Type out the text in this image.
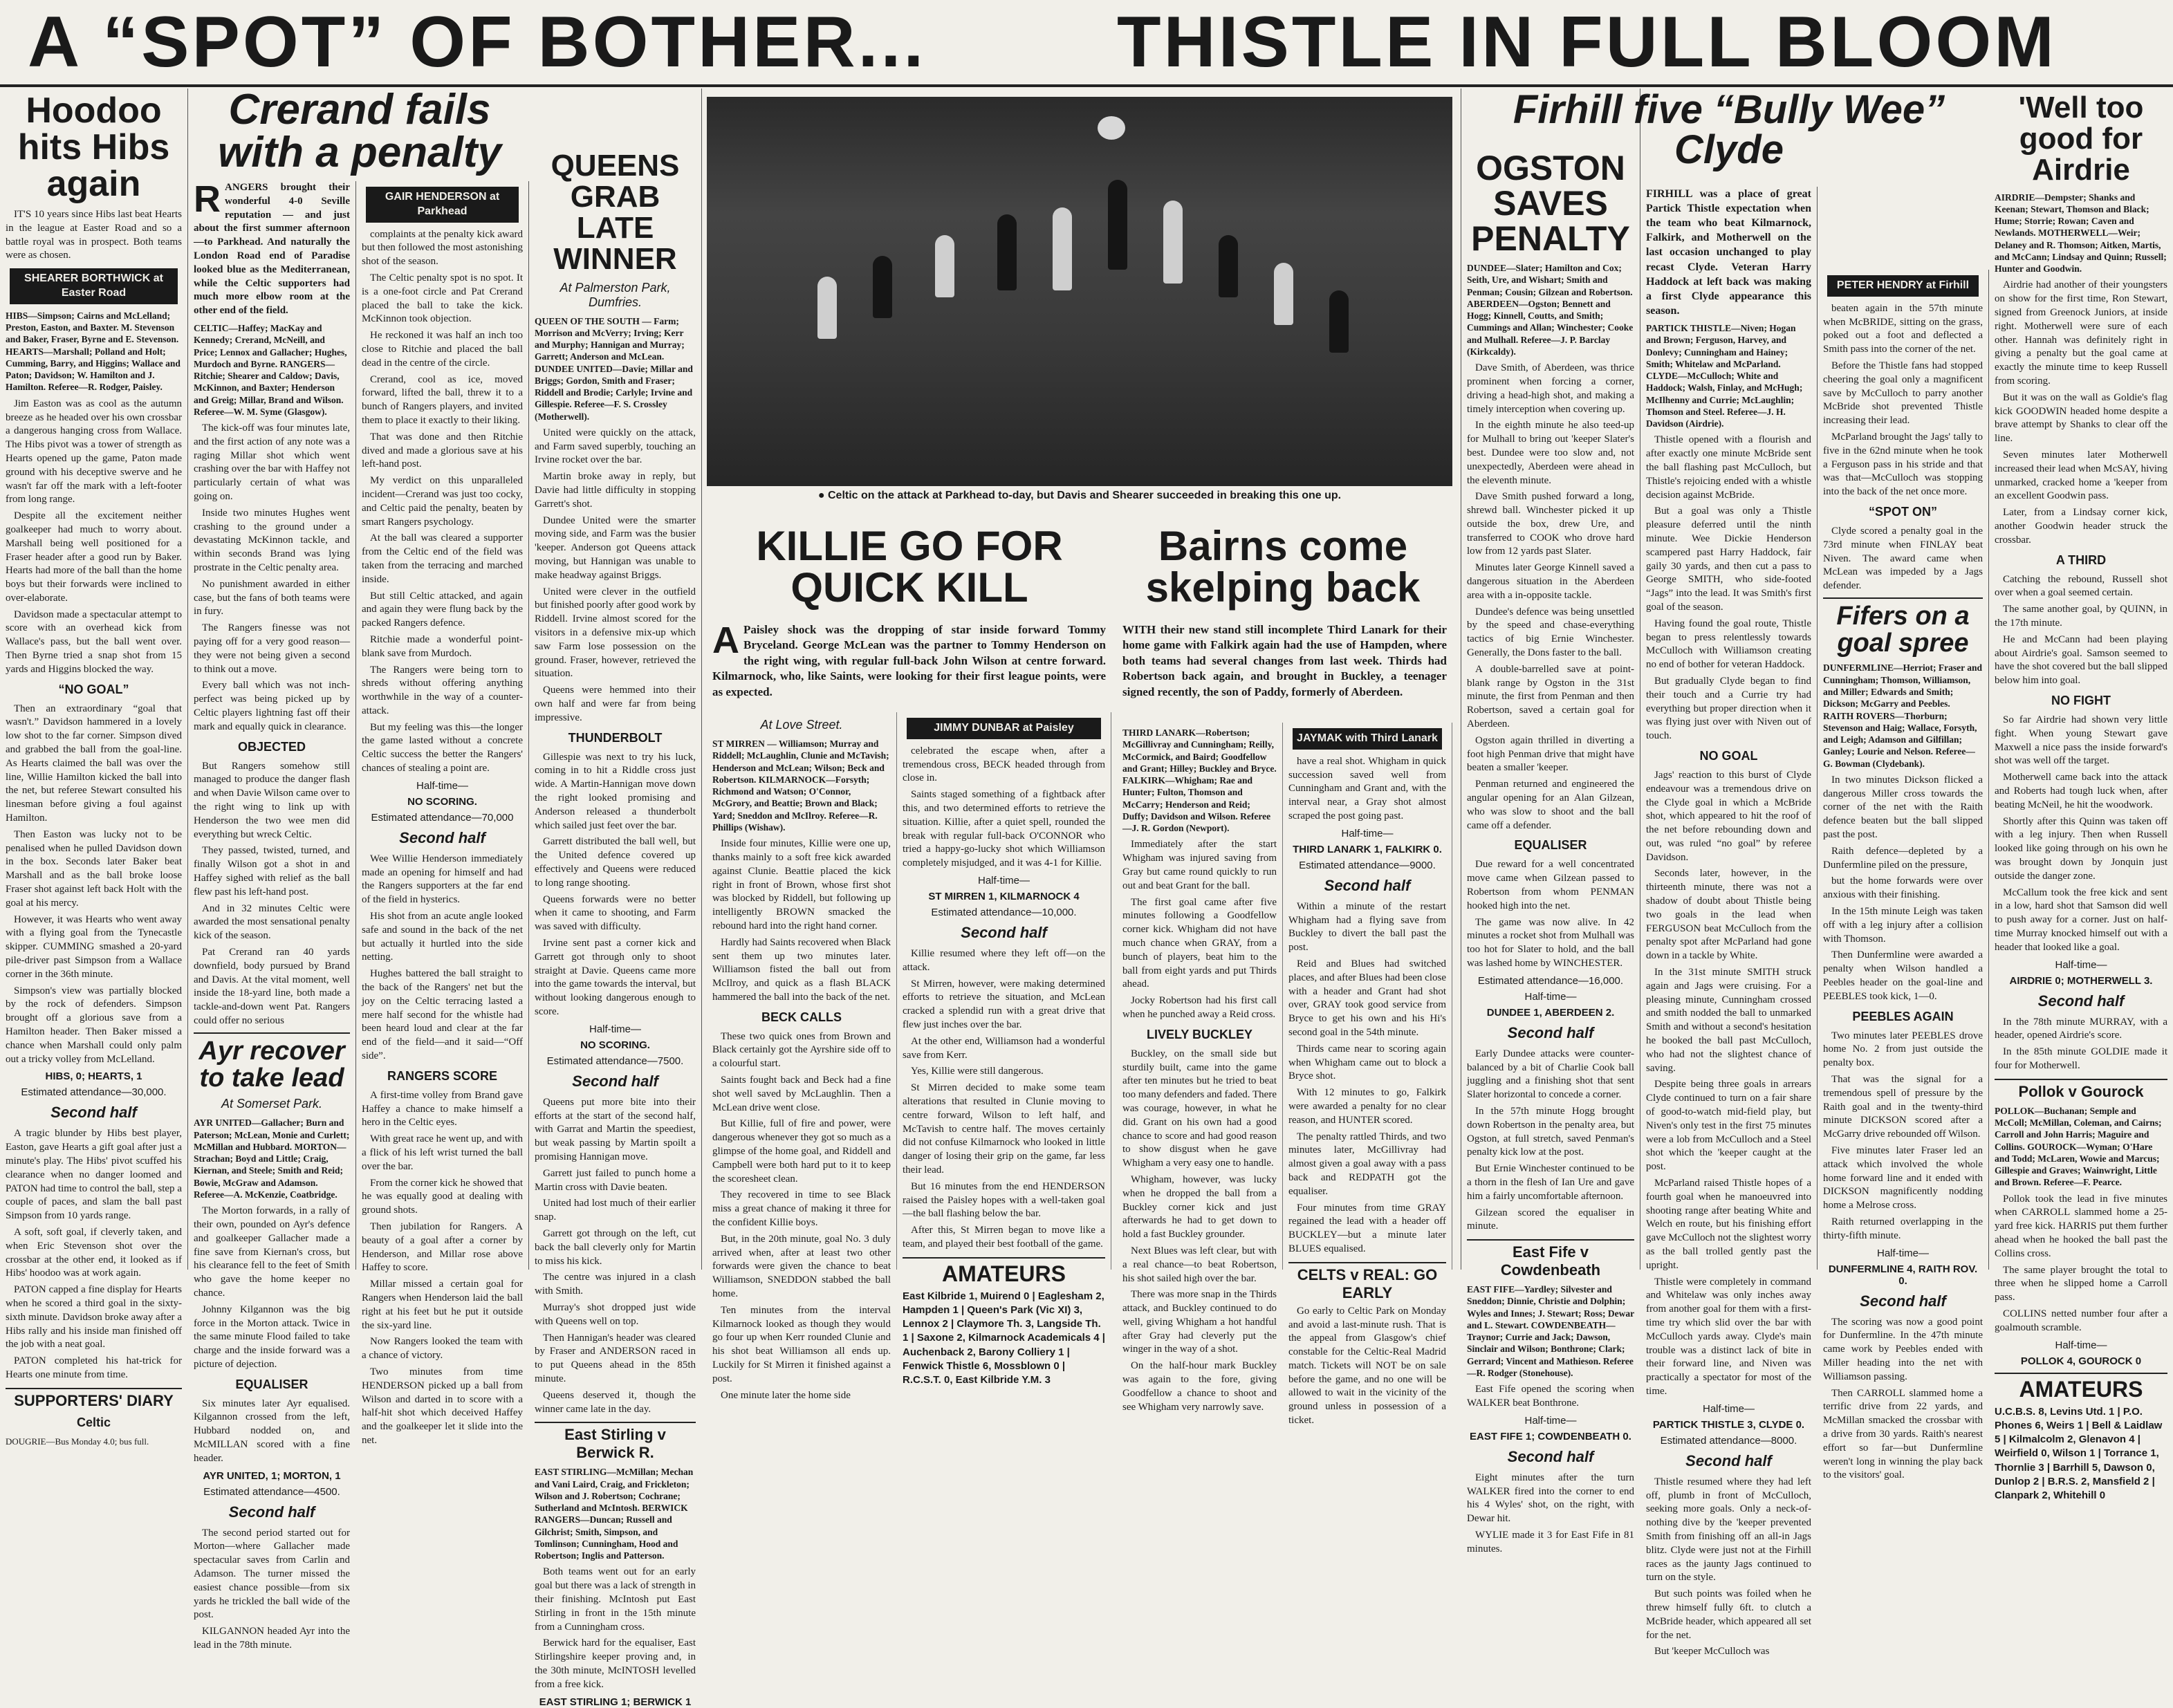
A “SPOT” OF BOTHER...	THISTLE IN FULL BLOOM
Hoodoo hits Hibs again

IT'S 10 years since Hibs last beat Hearts in the league at Easter Road and so a battle royal was in prospect. Both teams were as chosen.

SHEARER BORTHWICK at Easter Road
HIBS—Simpson; Cairns and McLelland; Preston, Easton, and Baxter. M. Stevenson and Baker, Fraser, Byrne and E. Stevenson. HEARTS—Marshall; Polland and Holt; Cumming, Barry, and Higgins; Wallace and Paton; Davidson; W. Hamilton and J. Hamilton. Referee—R. Rodger, Paisley.

Jim Easton was as cool as the autumn breeze as he headed over his own crossbar a dangerous hanging cross from Wallace. The Hibs pivot was a tower of strength as Hearts opened up the game, Paton made ground with his deceptive swerve and he wasn't far off the mark with a left-footer from long range.

Despite all the excitement neither goalkeeper had much to worry about. Marshall being well positioned for a Fraser header after a good run by Baker. Hearts had more of the ball than the home boys but their forwards were inclined to over-elaborate.

Davidson made a spectacular attempt to score with an overhead kick from Wallace's pass, but the ball went over. Then Byrne tried a snap shot from 15 yards and Higgins blocked the way.

“NO GOAL”

Then an extraordinary “goal that wasn't.” Davidson hammered in a lovely low shot to the far corner. Simpson dived and grabbed the ball from the goal-line. As Hearts claimed the ball was over the line, Willie Hamilton kicked the ball into the net, but referee Stewart consulted his linesman before giving a foul against Hamilton.

Then Easton was lucky not to be penalised when he pulled Davidson down in the box. Seconds later Baker beat Marshall and as the ball broke loose Fraser shot against left back Holt with the goal at his mercy.

However, it was Hearts who went away with a flying goal from the Tynecastle skipper. CUMMING smashed a 20-yard pile-driver past Simpson from a Wallace corner in the 36th minute.

Simpson's view was partially blocked by the rock of defenders. Simpson brought off a glorious save from a Hamilton header. Then Baker missed a chance when Marshall could only palm out a tricky volley from McLelland.

HIBS, 0; HEARTS, 1
Estimated attendance—30,000.
Second half

A tragic blunder by Hibs best player, Easton, gave Hearts a gift goal after just a minute's play. The Hibs' pivot scuffed his clearance when no danger loomed and PATON had time to control the ball, step a couple of paces, and slam the ball past Simpson from 10 yards range.

A soft, soft goal, if cleverly taken, and when Eric Stevenson shot over the crossbar at the other end, it looked as if Hibs' hoodoo was at work again.

PATON capped a fine display for Hearts when he scored a third goal in the sixty-sixth minute. Davidson broke away after a Hibs rally and his inside man finished off the job with a neat goal.

PATON completed his hat-trick for Hearts one minute from time.

SUPPORTERS' DIARY
Celtic
DOUGRIE—Bus Monday 4.0; bus full.
Crerand fails with a penalty
R ANGERS brought their wonderful 4-0 Seville reputation — and just about the first summer afternoon—to Parkhead. And naturally the London Road end of Paradise looked blue as the Mediterranean, while the Celtic supporters had much more elbow room at the other end of the field.
CELTIC—Haffey; MacKay and Kennedy; Crerand, McNeill, and Price; Lennox and Gallacher; Hughes, Murdoch and Byrne. RANGERS—Ritchie; Shearer and Caldow; Davis, McKinnon, and Baxter; Henderson and Greig; Millar, Brand and Wilson. Referee—W. M. Syme (Glasgow).

The kick-off was four minutes late, and the first action of any note was a raging Millar shot which went crashing over the bar with Haffey not particularly certain of what was going on.

Inside two minutes Hughes went crashing to the ground under a devastating McKinnon tackle, and within seconds Brand was lying prostrate in the Celtic penalty area.

No punishment awarded in either case, but the fans of both teams were in fury.

The Rangers finesse was not paying off for a very good reason—they were not being given a second to think out a move.

Every ball which was not inch-perfect was being picked up by Celtic players lightning fast off their mark and equally quick in clearance.

OBJECTED

But Rangers somehow still managed to produce the danger flash and when Davie Wilson came over to the right wing to link up with Henderson the two wee men did everything but wreck Celtic.

They passed, twisted, turned, and finally Wilson got a shot in and Haffey sighed with relief as the ball flew past his left-hand post.

And in 32 minutes Celtic were awarded the most sensational penalty kick of the season.

Pat Crerand ran 40 yards downfield, body pursued by Brand and Davis. At the vital moment, well inside the 18-yard line, both made a tackle-and-down went Pat. Rangers could offer no serious

Ayr recover to take lead
At Somerset Park.
AYR UNITED—Gallacher; Burn and Paterson; McLean, Monie and Curlett; McMillan and Hubbard. MORTON—Strachan; Boyd and Little; Craig, Kiernan, and Steele; Smith and Reid; Bowie, McGraw and Adamson. Referee—A. McKenzie, Coatbridge.

The Morton forwards, in a rally of their own, pounded on Ayr's defence and goalkeeper Gallacher made a fine save from Kiernan's cross, but his clearance fell to the feet of Smith who gave the home keeper no chance.

Johnny Kilgannon was the big force in the Morton attack. Twice in the same minute Flood failed to take charge and the inside forward was a picture of dejection.

EQUALISER

Six minutes later Ayr equalised. Kilgannon crossed from the left, Hubbard nodded on, and McMILLAN scored with a fine header.

AYR UNITED, 1; MORTON, 1
Estimated attendance—4500.
Second half

The second period started out for Morton—where Gallacher made spectacular saves from Carlin and Adamson. The turner missed the easiest chance possible—from six yards he trickled the ball wide of the post.

KILGANNON headed Ayr into the lead in the 78th minute.

GAIR HENDERSON at Parkhead

complaints at the penalty kick award but then followed the most astonishing shot of the season.

The Celtic penalty spot is no spot. It is a one-foot circle and Pat Crerand placed the ball to take the kick. McKinnon took objection.

He reckoned it was half an inch too close to Ritchie and placed the ball dead in the centre of the circle.

Crerand, cool as ice, moved forward, lifted the ball, threw it to a bunch of Rangers players, and invited them to place it exactly to their liking.

That was done and then Ritchie dived and made a glorious save at his left-hand post.

My verdict on this unparalleled incident—Crerand was just too cocky, and Celtic paid the penalty, beaten by smart Rangers psychology.

At the ball was cleared a supporter from the Celtic end of the field was taken from the terracing and marched inside.

But still Celtic attacked, and again and again they were flung back by the packed Rangers defence.

Ritchie made a wonderful point-blank save from Murdoch.

The Rangers were being torn to shreds without offering anything worthwhile in the way of a counter-attack.

But my feeling was this—the longer the game lasted without a concrete Celtic success the better the Rangers' chances of stealing a point are.

Half-time—
NO SCORING.
Estimated attendance—70,000
Second half

Wee Willie Henderson immediately made an opening for himself and had the Rangers supporters at the far end of the field in hysterics.

His shot from an acute angle looked safe and sound in the back of the net but actually it hurtled into the side netting.

Hughes battered the ball straight to the back of the Rangers' net but the joy on the Celtic terracing lasted a mere half second for the whistle had been heard loud and clear at the far end of the field—and it said—“Off side”.

RANGERS SCORE

A first-time volley from Brand gave Haffey a chance to make himself a hero in the Celtic eyes.

With great race he went up, and with a flick of his left wrist turned the ball over the bar.

From the corner kick he showed that he was equally good at dealing with ground shots.

Then jubilation for Rangers. A beauty of a goal after a corner by Henderson, and Millar rose above Haffey to score.

Millar missed a certain goal for Rangers when Henderson laid the ball right at his feet but he put it outside the six-yard line.

Now Rangers looked the team with a chance of victory.

Two minutes from time HENDERSON picked up a ball from Wilson and darted in to score with a half-hit shot which deceived Haffey and the goalkeeper let it slide into the net.

QUEENS GRAB LATE WINNER
At Palmerston Park, Dumfries.
QUEEN OF THE SOUTH — Farm; Morrison and McVerry; Irving; Kerr and Murphy; Hannigan and Murray; Garrett; Anderson and McLean. DUNDEE UNITED—Davie; Millar and Briggs; Gordon, Smith and Fraser; Riddell and Brodie; Carlyle; Irvine and Gillespie. Referee—F. S. Crossley (Motherwell).

United were quickly on the attack, and Farm saved superbly, touching an Irvine rocket over the bar.

Martin broke away in reply, but Davie had little difficulty in stopping Garrett's shot.

Dundee United were the smarter moving side, and Farm was the busier 'keeper. Anderson got Queens attack moving, but Hannigan was unable to make headway against Briggs.

United were clever in the outfield but finished poorly after good work by Riddell. Irvine almost scored for the visitors in a defensive mix-up which saw Farm lose possession on the ground. Fraser, however, retrieved the situation.

Queens were hemmed into their own half and were far from being impressive.

THUNDERBOLT

Gillespie was next to try his luck, coming in to hit a Riddle cross just wide. A Martin-Hannigan move down the right looked promising and Anderson released a thunderbolt which sailed just feet over the bar.

Garrett distributed the ball well, but the United defence covered up effectively and Queens were reduced to long range shooting.

Queens forwards were no better when it came to shooting, and Farm was saved with difficulty.

Irvine sent past a corner kick and Garrett got through only to shoot straight at Davie. Queens came more into the game towards the interval, but without looking dangerous enough to score.

Half-time—
NO SCORING.
Estimated attendance—7500.
Second half

Queens put more bite into their efforts at the start of the second half, with Garrat and Martin the speediest, but weak passing by Martin spoilt a promising Hannigan move.

Garrett just failed to punch home a Martin cross with Davie beaten.

United had lost much of their earlier snap.

Garrett got through on the left, cut back the ball cleverly only for Martin to miss his kick.

The centre was injured in a clash with Smith.

Murray's shot dropped just wide with Queens well on top.

Then Hannigan's header was cleared by Fraser and ANDERSON raced in to put Queens ahead in the 85th minute.

Queens deserved it, though the winner came late in the day.

East Stirling v Berwick R.
EAST STIRLING—McMillan; Mechan and Vani Laird, Craig, and Frickleton; Wilson and J. Robertson; Cochrane; Sutherland and McIntosh. BERWICK RANGERS—Duncan; Russell and Gilchrist; Smith, Simpson, and Tomlinson; Cunningham, Hood and Robertson; Inglis and Patterson.

Both teams went out for an early goal but there was a lack of strength in their finishing. McIntosh put East Stirling in front in the 15th minute from a Cunningham cross.

Berwick hard for the equaliser, East Stirlingshire keeper proving and, in the 30th minute, McINTOSH levelled from a free kick.

EAST STIRLING 1; BERWICK 1
● Celtic on the attack at Parkhead to-day, but Davis and Shearer succeeded in breaking this one up.
KILLIE GO FOR QUICK KILL
Bairns come skelping back
A Paisley shock was the dropping of star inside forward Tommy Bryceland. George McLean was the partner to Tommy Henderson on the right wing, with regular full-back John Wilson at centre forward. Kilmarnock, who, like Saints, were looking for their first league points, were as expected.
At Love Street.
ST MIRREN — Williamson; Murray and Riddell; McLaughlin, Clunie and McTavish; Henderson and McLean; Wilson; Beck and Robertson. KILMARNOCK—Forsyth; Richmond and Watson; O'Connor, McGrory, and Beattie; Brown and Black; Yard; Sneddon and McIlroy. Referee—R. Phillips (Wishaw).

Inside four minutes, Killie were one up, thanks mainly to a soft free kick awarded against Clunie. Beattie placed the kick right in front of Brown, whose first shot was blocked by Riddell, but following up intelligently BROWN smacked the rebound hard into the right hand corner.

Hardly had Saints recovered when Black sent them up two minutes later. Williamson fisted the ball out from McIlroy, and quick as a flash BLACK hammered the ball into the back of the net.

BECK CALLS

These two quick ones from Brown and Black certainly got the Ayrshire side off to a colourful start.

Saints fought back and Beck had a fine shot well saved by McLaughlin. Then a McLean drive went close.

But Killie, full of fire and power, were dangerous whenever they got so much as a glimpse of the home goal, and Riddell and Campbell were both hard put to it to keep the scoresheet clean.

They recovered in time to see Black miss a great chance of making it three for the confident Killie boys.

But, in the 20th minute, goal No. 3 duly arrived when, after at least two other forwards were given the chance to beat Williamson, SNEDDON stabbed the ball home.

Ten minutes from the interval Kilmarnock looked as though they would go four up when Kerr rounded Clunie and his shot beat Williamson all ends up. Luckily for St Mirren it finished against a post.

One minute later the home side

JIMMY DUNBAR at Paisley

celebrated the escape when, after a tremendous cross, BECK headed through from close in.

Saints staged something of a fightback after this, and two determined efforts to retrieve the situation. Killie, after a quiet spell, rounded the break with regular full-back O'CONNOR who tried a happy-go-lucky shot which Williamson completely misjudged, and it was 4-1 for Killie.

Half-time—
ST MIRREN 1, KILMARNOCK 4
Estimated attendance—10,000.
Second half

Killie resumed where they left off—on the attack.

St Mirren, however, were making determined efforts to retrieve the situation, and McLean cracked a splendid run with a great drive that flew just inches over the bar.

At the other end, Williamson had a wonderful save from Kerr.

Yes, Killie were still dangerous.

St Mirren decided to make some team alterations that resulted in Clunie moving to centre forward, Wilson to left half, and McTavish to centre half. The moves certainly did not confuse Kilmarnock who looked in little danger of losing their grip on the game, far less their lead.

But 16 minutes from the end HENDERSON raised the Paisley hopes with a well-taken goal—the ball flashing below the bar.

After this, St Mirren began to move like a team, and played their best football of the game.

AMATEURS
East Kilbride 1, Muirend 0 | Eaglesham 2, Hampden 1 | Queen's Park (Vic XI) 3, Lennox 2 | Claymore Th. 3, Langside Th. 1 | Saxone 2, Kilmarnock Academicals 4 | Auchenback 2, Barony Colliery 1 | Fenwick Thistle 6, Mossblown 0 | R.C.S.T. 0, East Kilbride Y.M. 3
WITH their new stand still incomplete Third Lanark for their home game with Falkirk again had the use of Hampden, where both teams had several changes from last week. Thirds had Robertson back again, and brought in Buckley, a teenager signed recently, the son of Paddy, formerly of Aberdeen.
THIRD LANARK—Robertson; McGillivray and Cunningham; Reilly, McCormick, and Baird; Goodfellow and Grant; Hilley; Buckley and Bryce. FALKIRK—Whigham; Rae and Hunter; Fulton, Thomson and McCarry; Henderson and Reid; Duffy; Davidson and Wilson. Referee—J. R. Gordon (Newport).

Immediately after the start Whigham was injured saving from Gray but came round quickly to run out and beat Grant for the ball.

The first goal came after five minutes following a Goodfellow corner kick. Whigham did not have much chance when GRAY, from a bunch of players, beat him to the ball from eight yards and put Thirds ahead.

Jocky Robertson had his first call when he punched away a Reid cross.

LIVELY BUCKLEY

Buckley, on the small side but sturdily built, came into the game after ten minutes but he tried to beat too many defenders and faded. There was courage, however, in what he did. Grant on his own had a good chance to score and had good reason to show disgust when he gave Whigham a very easy one to handle.

Whigham, however, was lucky when he dropped the ball from a Buckley corner kick and just afterwards he had to get down to hold a fast Buckley grounder.

Next Blues was left clear, but with a real chance—to beat Robertson, his shot sailed high over the bar.

There was more snap in the Thirds attack, and Buckley continued to do well, giving Whigham a hot handful after Gray had cleverly put the winger in the way of a shot.

On the half-hour mark Buckley was again to the fore, giving Goodfellow a chance to shoot and see Whigham very narrowly save.

JAYMAK with Third Lanark

have a real shot. Whigham in quick succession saved well from Cunningham and Grant and, with the interval near, a Gray shot almost scraped the post going past.

Half-time—
THIRD LANARK 1, FALKIRK 0.
Estimated attendance—9000.
Second half

Within a minute of the restart Whigham had a flying save from Buckley to divert the ball past the post.

Reid and Blues had switched places, and after Blues had been close with a header and Grant had shot over, GRAY took good service from Bryce to get his own and his Hi's second goal in the 54th minute.

Thirds came near to scoring again when Whigham came out to block a Bryce shot.

With 12 minutes to go, Falkirk were awarded a penalty for no clear reason, and HUNTER scored.

The penalty rattled Thirds, and two minutes later, McGillivray had almost given a goal away with a pass back and REDPATH got the equaliser.

Four minutes from time GRAY regained the lead with a header off BUCKLEY—but a minute later BLUES equalised.

CELTS v REAL: GO EARLY

Go early to Celtic Park on Monday and avoid a last-minute rush. That is the appeal from Glasgow's chief constable for the Celtic-Real Madrid match. Tickets will NOT be on sale before the game, and no one will be allowed to wait in the vicinity of the ground unless in possession of a ticket.

OGSTON SAVES PENALTY
DUNDEE—Slater; Hamilton and Cox; Seith, Ure, and Wishart; Smith and Penman; Cousin; Gilzean and Robertson. ABERDEEN—Ogston; Bennett and Hogg; Kinnell, Coutts, and Smith; Cummings and Allan; Winchester; Cooke and Mulhall. Referee—J. P. Barclay (Kirkcaldy).

Dave Smith, of Aberdeen, was thrice prominent when forcing a corner, driving a head-high shot, and making a timely interception when covering up.

In the eighth minute he also teed-up for Mulhall to bring out 'keeper Slater's best. Dundee were too slow and, not unexpectedly, Aberdeen were ahead in the eleventh minute.

Dave Smith pushed forward a long, shrewd ball. Winchester picked it up outside the box, drew Ure, and transferred to COOK who drove hard low from 12 yards past Slater.

Minutes later George Kinnell saved a dangerous situation in the Aberdeen area with a in-opposite tackle.

Dundee's defence was being unsettled by the speed and chase-everything tactics of big Ernie Winchester. Generally, the Dons faster to the ball.

A double-barrelled save at point-blank range by Ogston in the 31st minute, the first from Penman and then Robertson, saved a certain goal for Aberdeen.

Ogston again thrilled in diverting a foot high Penman drive that might have beaten a smaller 'keeper.

Penman returned and engineered the angular opening for an Alan Gilzean, who was slow to shoot and the ball came off a defender.

EQUALISER

Due reward for a well concentrated move came when Gilzean passed to Robertson from whom PENMAN hooked high into the net.

The game was now alive. In 42 minutes a rocket shot from Mulhall was too hot for Slater to hold, and the ball was lashed home by WINCHESTER.

Estimated attendance—16,000.
Half-time—
DUNDEE 1, ABERDEEN 2.
Second half

Early Dundee attacks were counter-balanced by a bit of Charlie Cook ball juggling and a finishing shot that sent Slater horizontal to concede a corner.

In the 57th minute Hogg brought down Robertson in the penalty area, but Ogston, at full stretch, saved Penman's penalty kick low at the post.

But Ernie Winchester continued to be a thorn in the flesh of Ian Ure and gave him a fairly uncomfortable afternoon.

Gilzean scored the equaliser in minute.

East Fife v Cowdenbeath
EAST FIFE—Yardley; Silvester and Sneddon; Dinnie, Christie and Dolphin; Wyles and Innes; J. Stewart; Ross; Dewar and L. Stewart. COWDENBEATH—Traynor; Currie and Jack; Dawson, Sinclair and Wilson; Bonthrone; Clark; Gerrard; Vincent and Mathieson. Referee—R. Rodger (Stonehouse).

East Fife opened the scoring when WALKER beat Bonthrone.

Half-time—
EAST FIFE 1; COWDENBEATH 0.
Second half

Eight minutes after the turn WALKER fired into the corner to end his 4 Wyles' shot, on the right, with Dewar hit.

WYLIE made it 3 for East Fife in 81 minutes.

Firhill five “Bully Wee” Clyde
FIRHILL was a place of great Partick Thistle expectation when the team who beat Kilmarnock, Falkirk, and Motherwell on the last occasion unchanged to play recast Clyde. Veteran Harry Haddock at left back was making a first Clyde appearance this season.
PARTICK THISTLE—Niven; Hogan and Brown; Ferguson, Harvey, and Donlevy; Cunningham and Hainey; Smith; Whitelaw and McParland. CLYDE—McCulloch; White and Haddock; Walsh, Finlay, and McHugh; McIlhenny and Currie; McLaughlin; Thomson and Steel. Referee—J. H. Davidson (Airdrie).

Thistle opened with a flourish and after exactly one minute McBride sent the ball flashing past McCulloch, but Thistle's rejoicing ended with a whistle decision against McBride.

But a goal was only a Thistle pleasure deferred until the ninth minute. Wee Dickie Henderson scampered past Harry Haddock, fair gaily 30 yards, and then cut a pass to George SMITH, who side-footed “Jags” into the lead. It was Smith's first goal of the season.

Having found the goal route, Thistle began to press relentlessly towards McCulloch with Williamson creating no end of bother for veteran Haddock.

But gradually Clyde began to find their touch and a Currie try had everything but proper direction when it was flying just over with Niven out of touch.

NO GOAL

Jags' reaction to this burst of Clyde endeavour was a tremendous drive on the Clyde goal in which a McBride shot, which appeared to hit the roof of the net before rebounding down and out, was ruled “no goal” by referee Davidson.

Seconds later, however, in the thirteenth minute, there was not a shadow of doubt about Thistle being two goals in the lead when FERGUSON beat McCulloch from the penalty spot after McParland had gone down in a tackle by White.

In the 31st minute SMITH struck again and Jags were cruising. For a pleasing minute, Cunningham crossed and smith nodded the ball to unmarked Smith and without a second's hesitation he booked the ball past McCulloch, who had not the slightest chance of saving.

Despite being three goals in arrears Clyde continued to turn on a fair share of good-to-watch mid-field play, but Niven's only test in the first 75 minutes were a lob from McCulloch and a Steel shot which the 'keeper caught at the post.

McParland raised Thistle hopes of a fourth goal when he manoeuvred into shooting range after beating White and Welch en route, but his finishing effort gave McCulloch not the slightest worry as the ball trolled gently past the upright.

Thistle were completely in command and Whitelaw was only inches away from another goal for them with a first-time try which slid over the bar with McCulloch yards away. Clyde's main trouble was a distinct lack of bite in their forward line, and Niven was practically a spectator for most of the time.

Half-time—
PARTICK THISTLE 3, CLYDE 0.
Estimated attendance—8000.
Second half

Thistle resumed where they had left off, plumb in front of McCulloch, seeking more goals. Only a neck-of-nothing dive by the 'keeper prevented Smith from finishing off an all-in Jags blitz. Clyde were just not at the Firhill races as the jaunty Jags continued to turn on the style.

But such points was foiled when he threw himself fully 6ft. to clutch a McBride header, which appeared all set for the net.

But 'keeper McCulloch was

PETER HENDRY at Firhill

beaten again in the 57th minute when McBRIDE, sitting on the grass, poked out a foot and deflected a Smith pass into the corner of the net.

Before the Thistle fans had stopped cheering the goal only a magnificent save by McCulloch to parry another McBride shot prevented Thistle increasing their lead.

McParland brought the Jags' tally to five in the 62nd minute when he took a Ferguson pass in his stride and that was that—McCulloch was stopping into the back of the net once more.

“SPOT ON”

Clyde scored a penalty goal in the 73rd minute when FINLAY beat Niven. The award came when McLean was impeded by a Jags defender.

Fifers on a goal spree
DUNFERMLINE—Herriot; Fraser and Cunningham; Thomson, Williamson, and Miller; Edwards and Smith; Dickson; McGarry and Peebles. RAITH ROVERS—Thorburn; Stevenson and Haig; Wallace, Forsyth, and Leigh; Adamson and Gilfillan; Ganley; Lourie and Nelson. Referee—G. Bowman (Clydebank).

In two minutes Dickson flicked a dangerous Miller cross towards the corner of the net with the Raith defence beaten but the ball slipped past the post.

Raith defence—depleted by a Dunfermline piled on the pressure,

but the home forwards were over anxious with their finishing.

In the 15th minute Leigh was taken off with a leg injury after a collision with Thomson.

Then Dunfermline were awarded a penalty when Wilson handled a Peebles header on the goal-line and PEEBLES took kick, 1—0.

PEEBLES AGAIN

Two minutes later PEEBLES drove home No. 2 from just outside the penalty box.

That was the signal for a tremendous spell of pressure by the Raith goal and in the twenty-third minute DICKSON scored after a McGarry drive rebounded off Wilson.

Five minutes later Fraser led an attack which involved the whole home forward line and it ended with DICKSON magnificently nodding home a Melrose cross.

Raith returned overlapping in the thirty-fifth minute.

Half-time—
DUNFERMLINE 4, RAITH ROV. 0.
Second half

The scoring was now a good point for Dunfermline. In the 47th minute came work by Peebles ended with Miller heading into the net with Williamson passing.

Then CARROLL slammed home a terrific drive from 22 yards, and McMillan smacked the crossbar with a drive from 30 yards. Raith's nearest effort so far—but Dunfermline weren't long in winning the play back to the visitors' goal.

'Well too good for Airdrie
AIRDRIE—Dempster; Shanks and Keenan; Stewart, Thomson and Black; Hume; Storrie; Rowan; Caven and Newlands. MOTHERWELL—Weir; Delaney and R. Thomson; Aitken, Martis, and McCann; Lindsay and Quinn; Russell; Hunter and Goodwin.

Airdrie had another of their youngsters on show for the first time, Ron Stewart, signed from Greenock Juniors, at inside right. Motherwell were sure of each other. Hannah was definitely right in giving a penalty but the goal came at exactly the minute time to keep Russell from scoring.

But it was on the wall as Goldie's flag kick GOODWIN headed home despite a brave attempt by Shanks to clear off the line.

Seven minutes later Motherwell increased their lead when McSAY, hiving unmarked, cracked home a 'keeper from an excellent Goodwin pass.

Later, from a Lindsay corner kick, another Goodwin header struck the crossbar.

A THIRD

Catching the rebound, Russell shot over when a goal seemed certain.

The same another goal, by QUINN, in the 17th minute.

He and McCann had been playing about Airdrie's goal. Samson seemed to have the shot covered but the ball slipped below him into goal.

NO FIGHT

So far Airdrie had shown very little fight. When young Stewart gave Maxwell a nice pass the inside forward's shot was well off the target.

Motherwell came back into the attack and Roberts had tough luck when, after beating McNeil, he hit the woodwork.

Shortly after this Quinn was taken off with a leg injury. Then when Russell looked like going through on his own he was brought down by Jonquin just outside the danger zone.

McCallum took the free kick and sent in a low, hard shot that Samson did well to push away for a corner. Just on half-time Murray knocked himself out with a header that looked like a goal.

Half-time—
AIRDRIE 0; MOTHERWELL 3.
Second half

In the 78th minute MURRAY, with a header, opened Airdrie's score.

In the 85th minute GOLDIE made it four for Motherwell.

Pollok v Gourock
POLLOK—Buchanan; Semple and McColl; McMillan, Coleman, and Cairns; Carroll and John Harris; Maguire and Collins. GOUROCK—Wyman; O'Hare and Todd; McLaren, Wowie and Marcus; Gillespie and Graves; Wainwright, Little and Brown. Referee—F. Pearce.

Pollok took the lead in five minutes when CARROLL slammed home a 25-yard free kick. HARRIS put them further ahead when he hooked the ball past the Collins cross.

The same player brought the total to three when he slipped home a Carroll pass.

COLLINS netted number four after a goalmouth scramble.

Half-time—
POLLOK 4, GOUROCK 0
AMATEURS
U.C.B.S. 8, Levins Utd. 1 | P.O. Phones 6, Weirs 1 | Bell & Laidlaw 5 | Kilmalcolm 2, Glenavon 4 | Weirfield 0, Wilson 1 | Torrance 1, Thornlie 3 | Barrhill 5, Dawson 0, Dunlop 2 | B.R.S. 2, Mansfield 2 | Clanpark 2, Whitehill 0
